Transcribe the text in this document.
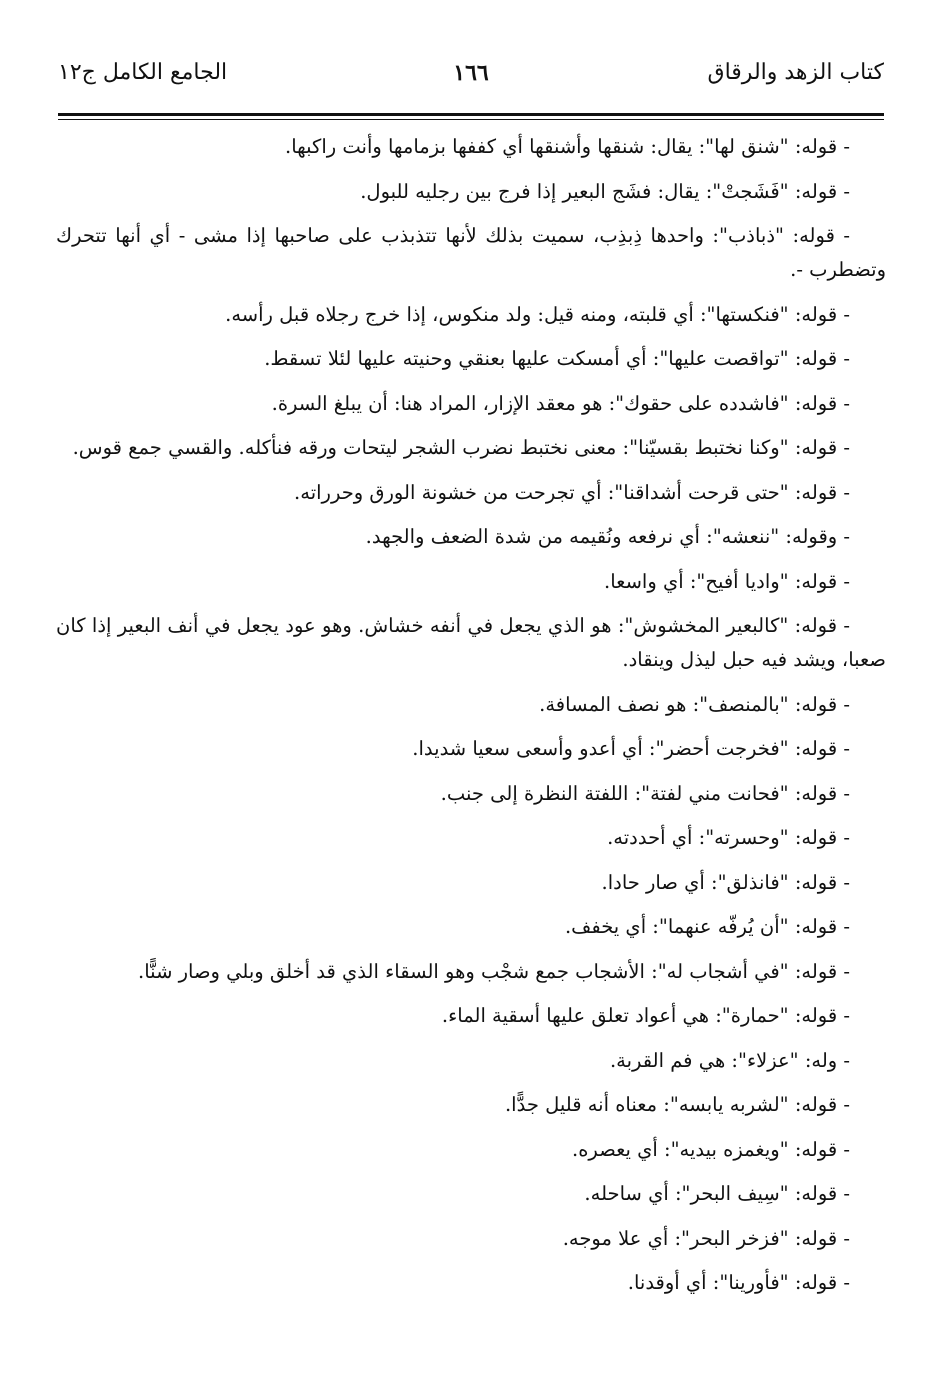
كتاب الزهد والرقاق
١٦٦
الجامع الكامل ج١٢

- قوله: "شنق لها": يقال: شنقها وأشنقها أي كففها بزمامها وأنت راكبها.

- قوله: "فَشَجتْ": يقال: فشَج البعير إذا فرج بين رجليه للبول.

- قوله: "ذباذب": واحدها ذِبذِب، سميت بذلك لأنها تتذبذب على صاحبها إذا مشى - أي أنها تتحرك وتضطرب -.

- قوله: "فنكستها": أي قلبته، ومنه قيل: ولد منكوس، إذا خرج رجلاه قبل رأسه.

- قوله: "تواقصت عليها": أي أمسكت عليها بعنقي وحنيته عليها لئلا تسقط.

- قوله: "فاشدده على حقوك": هو معقد الإزار، المراد هنا: أن يبلغ السرة.

- قوله: "وكنا نختبط بقسيّنا": معنى نختبط نضرب الشجر ليتحات ورقه فنأكله. والقسي جمع قوس.

- قوله: "حتى قرحت أشداقنا": أي تجرحت من خشونة الورق وحرراته.

- وقوله: "ننعشه": أي نرفعه ونُقيمه من شدة الضعف والجهد.

- قوله: "واديا أفيح": أي واسعا.

- قوله: "كالبعير المخشوش": هو الذي يجعل في أنفه خشاش. وهو عود يجعل في أنف البعير إذا كان صعبا، ويشد فيه حبل ليذل وينقاد.

- قوله: "بالمنصف": هو نصف المسافة.

- قوله: "فخرجت أحضر": أي أعدو وأسعى سعيا شديدا.

- قوله: "فحانت مني لفتة": اللفتة النظرة إلى جنب.

- قوله: "وحسرته": أي أحددته.

- قوله: "فانذلق": أي صار حادا.

- قوله: "أن يُرفّه عنهما": أي يخفف.

- قوله: "في أشجاب له": الأشجاب جمع شجْب وهو السقاء الذي قد أخلق وبلي وصار شنًّا.

- قوله: "حمارة": هي أعواد تعلق عليها أسقية الماء.

- وله: "عزلاء": هي فم القربة.

- قوله: "لشربه يابسه": معناه أنه قليل جدًّا.

- قوله: "ويغمزه بيديه": أي يعصره.

- قوله: "سِيف البحر": أي ساحله.

- قوله: "فزخر البحر": أي علا موجه.

- قوله: "فأورينا": أي أوقدنا.
